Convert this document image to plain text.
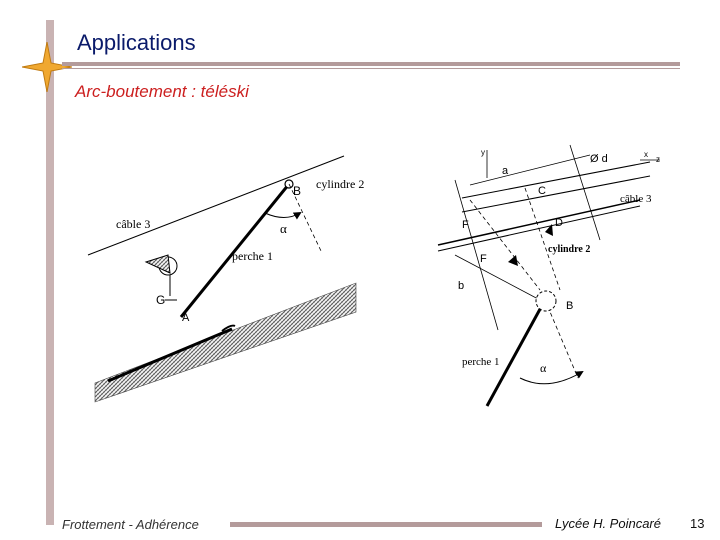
Applications
Arc-boutement : téléski
B cylindre 2
câble 3	α
perche 1
G
A
y	x
z
a
Ø d
C
câble 3
F	D
F
cylindre 2
b
B
perche 1	α
Frottement - Adhérence	Lycée H. Poincaré 13
